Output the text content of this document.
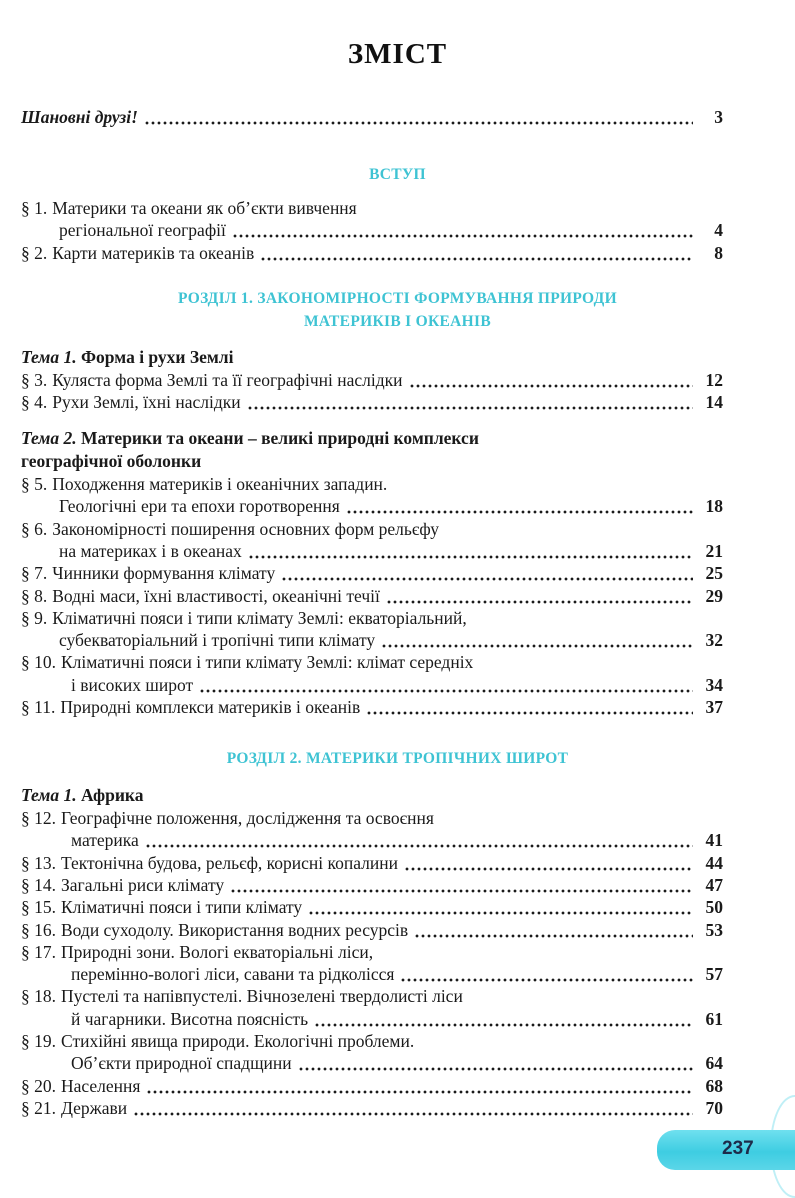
ЗМІСТ
Шановні друзі!	3
§ 1. Материки та океани як об’єкти вивчення
регіональної географії	4
§ 2. Карти материків та океанів	8
§ 3. Куляста форма Землі та її географічні наслідки	12
§ 4. Рухи Землі, їхні наслідки	14
§ 5. Походження материків і океанічних западин.
Геологічні ери та епохи горотворення	18
§ 6. Закономірності поширення основних форм рельєфу
на материках і в океанах	21
§ 7. Чинники формування клімату	25
§ 8. Водні маси, їхні властивості, океанічні течії	29
§ 9. Кліматичні пояси і типи клімату Землі: екваторіальний,
субекваторіальний і тропічні типи клімату	32
§ 10. Кліматичні пояси і типи клімату Землі: клімат середніх
і високих широт	34
§ 11. Природні комплекси материків і океанів	37
§ 12. Географічне положення, дослідження та освоєння
материка	41
§ 13. Тектонічна будова, рельєф, корисні копалини	44
§ 14. Загальні риси клімату	47
§ 15. Кліматичні пояси і типи клімату	50
§ 16. Води суходолу. Використання водних ресурсів	53
§ 17. Природні зони. Вологі екваторіальні ліси,
перемінно-вологі ліси, савани та рідколісся	57
§ 18. Пустелі та напівпустелі. Вічнозелені твердолисті ліси
й чагарники. Висотна поясність	61
§ 19. Стихійні явища природи. Екологічні проблеми.
Об’єкти природної спадщини	64
§ 20. Населення	68
§ 21. Держави	70
237
ВСТУП
РОЗДІЛ 1. ЗАКОНОМІРНОСТІ ФОРМУВАННЯ ПРИРОДИ
МАТЕРИКІВ І ОКЕАНІВ
Тема 1. Форма і рухи Землі
Тема 2. Материки та океани – великі природні комплекси
географічної оболонки
РОЗДІЛ 2. МАТЕРИКИ ТРОПІЧНИХ ШИРОТ
Тема 1. Африка
